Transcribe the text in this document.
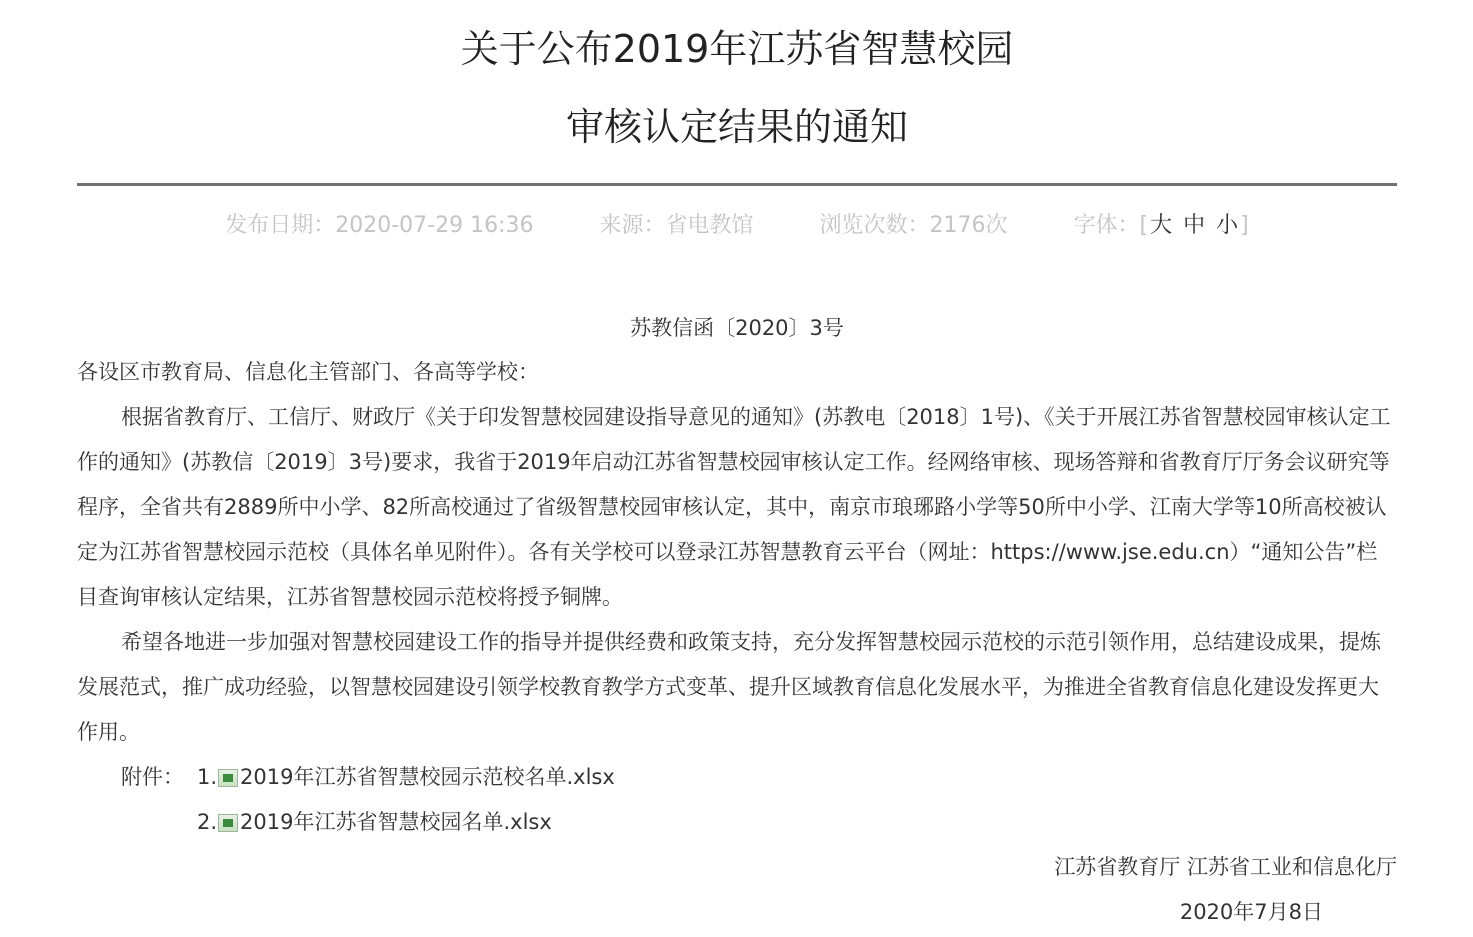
关于公布2019年江苏省智慧校园
审核认定结果的通知
发布日期：2020-07-29 16:36	来源：省电教馆	浏览次数：2176次	字体：[大 中 小]
苏教信函〔2020〕3号

各设区市教育局、信息化主管部门、各高等学校：

根据省教育厅、工信厅、财政厅《关于印发智慧校园建设指导意见的通知》(苏教电〔2018〕1号)、《关于开展江苏省智慧校园审核认定工作的通知》(苏教信〔2019〕3号)要求，我省于2019年启动江苏省智慧校园审核认定工作。经网络审核、现场答辩和省教育厅厅务会议研究等程序，全省共有2889所中小学、82所高校通过了省级智慧校园审核认定，其中，南京市琅琊路小学等50所中小学、江南大学等10所高校被认定为江苏省智慧校园示范校（具体名单见附件）。各有关学校可以登录江苏智慧教育云平台（网址：https://www.jse.edu.cn）“通知公告”栏目查询审核认定结果，江苏省智慧校园示范校将授予铜牌。

希望各地进一步加强对智慧校园建设工作的指导并提供经费和政策支持，充分发挥智慧校园示范校的示范引领作用，总结建设成果，提炼发展范式，推广成功经验，以智慧校园建设引领学校教育教学方式变革、提升区域教育信息化发展水平，为推进全省教育信息化建设发挥更大作用。

附件： 1. 2019年江苏省智慧校园示范校名单.xlsx
2. 2019年江苏省智慧校园名单.xlsx
江苏省教育厅 江苏省工业和信息化厅
2020年7月8日
